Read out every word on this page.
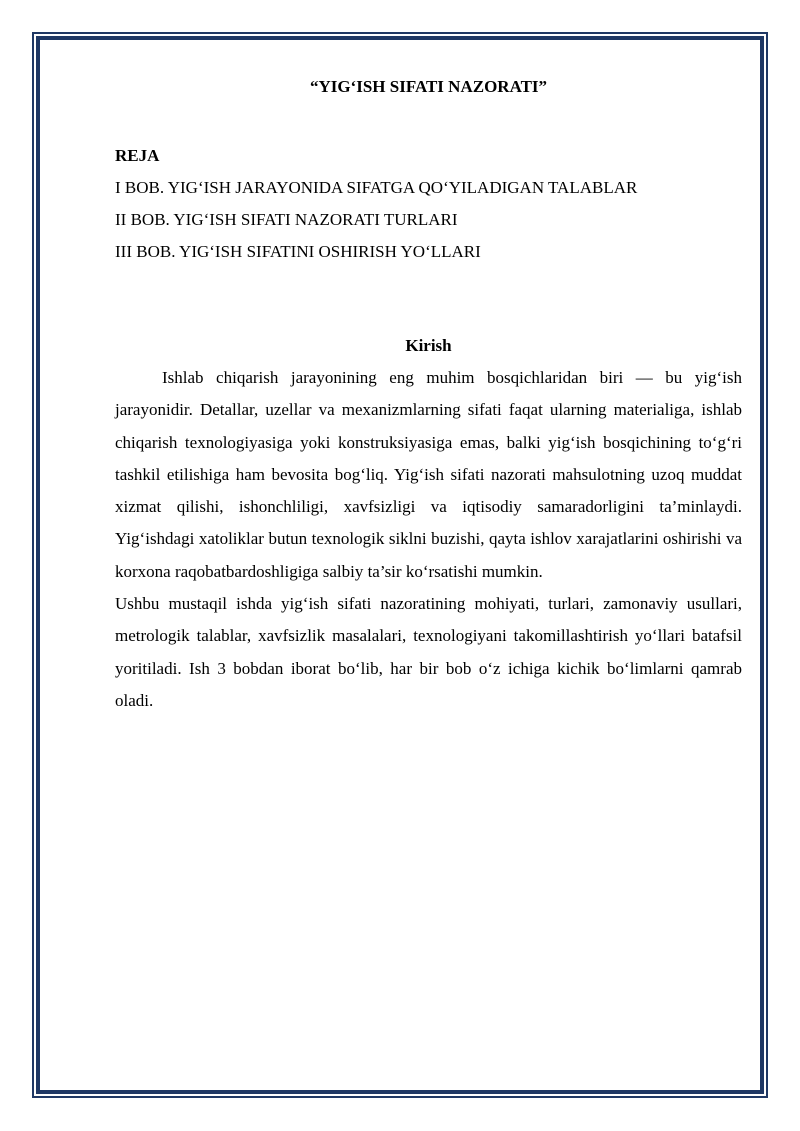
“YIG‘ISH SIFATI NAZORATI”

REJA

I BOB. YIG‘ISH JARAYONIDA SIFATGA QO‘YILADIGAN TALABLAR

II BOB. YIG‘ISH SIFATI NAZORATI TURLARI

III BOB. YIG‘ISH SIFATINI OSHIRISH YO‘LLARI

Kirish

Ishlab chiqarish jarayonining eng muhim bosqichlaridan biri — bu yig‘ish jarayonidir. Detallar, uzellar va mexanizmlarning sifati faqat ularning materialiga, ishlab chiqarish texnologiyasiga yoki konstruksiyasiga emas, balki yig‘ish bosqichining to‘g‘ri tashkil etilishiga ham bevosita bog‘liq. Yig‘ish sifati nazorati mahsulotning uzoq muddat xizmat qilishi, ishonchliligi, xavfsizligi va iqtisodiy samaradorligini ta’minlaydi. Yig‘ishdagi xatoliklar butun texnologik siklni buzishi, qayta ishlov xarajatlarini oshirishi va korxona raqobatbardoshligiga salbiy ta’sir ko‘rsatishi mumkin.

Ushbu mustaqil ishda yig‘ish sifati nazoratining mohiyati, turlari, zamonaviy usullari, metrologik talablar, xavfsizlik masalalari, texnologiyani takomillashtirish yo‘llari batafsil yoritiladi. Ish 3 bobdan iborat bo‘lib, har bir bob o‘z ichiga kichik bo‘limlarni qamrab oladi.
